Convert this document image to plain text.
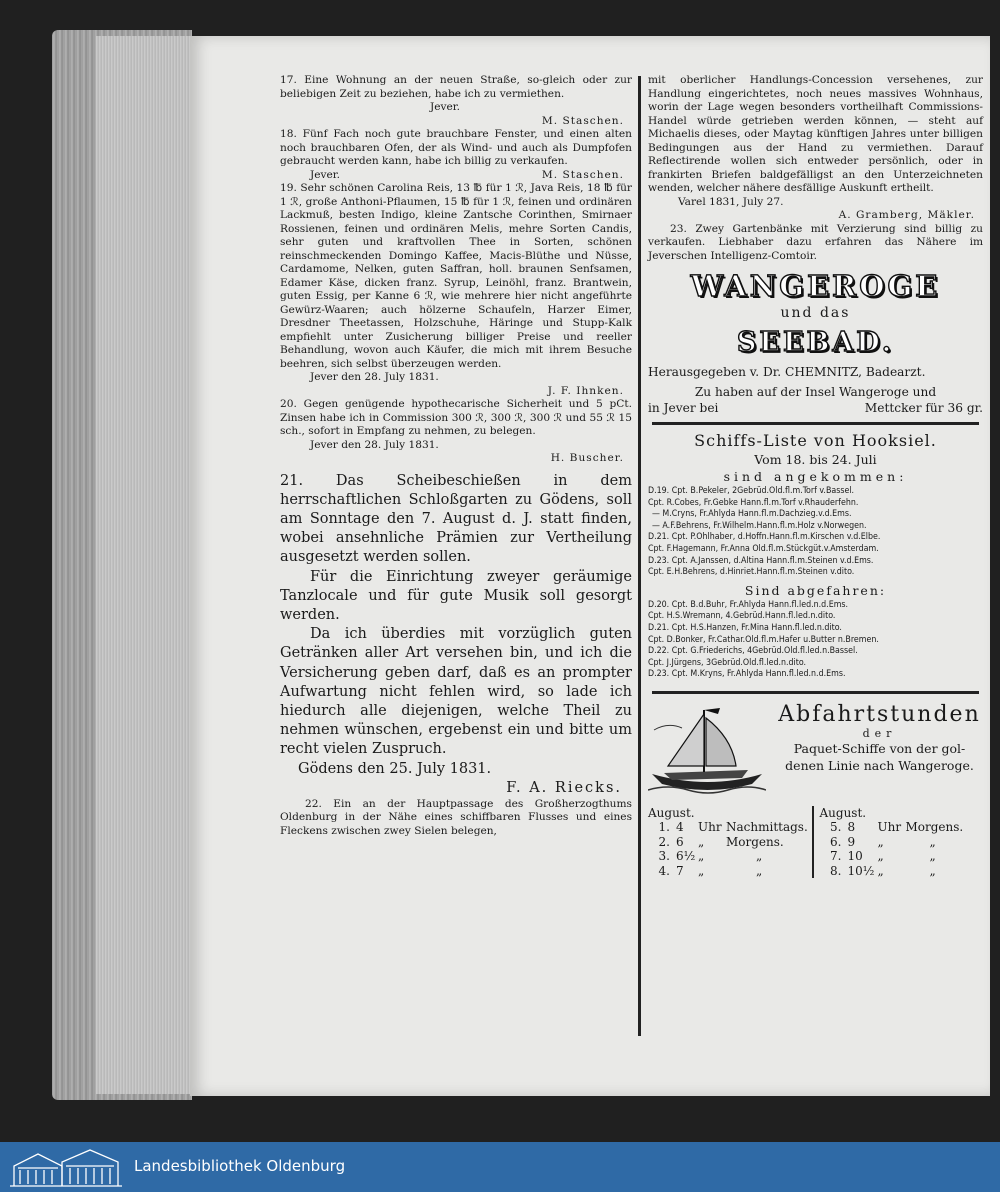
17. Eine Wohnung an der neuen Straße, so-gleich oder zur beliebigen Zeit zu beziehen, habe ich zu vermiethen.

Jever.

M. Staschen.

18. Fünf Fach noch gute brauchbare Fenster, und einen alten noch brauchbaren Ofen, der als Wind- und auch als Dumpfofen gebraucht werden kann, habe ich billig zu verkaufen.

Jever.	M. Staschen.

19. Sehr schönen Carolina Reis, 13 ℔ für 1 ℛ, Java Reis, 18 ℔ für 1 ℛ, große Anthoni-Pflaumen, 15 ℔ für 1 ℛ, feinen und ordinären Lackmuß, besten Indigo, kleine Zantsche Corinthen, Smirnaer Rossienen, feinen und ordinären Melis, mehre Sorten Candis, sehr guten und kraftvollen Thee in Sorten, schönen reinschmeckenden Domingo Kaffee, Macis-Blüthe und Nüsse, Cardamome, Nelken, guten Saffran, holl. braunen Senfsamen, Edamer Käse, dicken franz. Syrup, Leinöhl, franz. Brantwein, guten Essig, per Kanne 6 ℛ, wie mehrere hier nicht angeführte Gewürz-Waaren; auch hölzerne Schaufeln, Harzer Eimer, Dresdner Theetassen, Holzschuhe, Häringe und Stupp-Kalk empfiehlt unter Zusicherung billiger Preise und reeller Behandlung, wovon auch Käufer, die mich mit ihrem Besuche beehren, sich selbst überzeugen werden.

Jever den 28. July 1831.

J. F. Ihnken.

20. Gegen genügende hypothecarische Sicherheit und 5 pCt. Zinsen habe ich in Commission 300 ℛ, 300 ℛ, 300 ℛ und 55 ℛ 15 sch., sofort in Empfang zu nehmen, zu belegen.

Jever den 28. July 1831.

H. Buscher.

21. Das Scheibeschießen in dem herrschaftlichen Schloßgarten zu Gödens, soll am Sonntage den 7. August d. J. statt finden, wobei ansehnliche Prämien zur Vertheilung ausgesetzt werden sollen.

Für die Einrichtung zweyer geräumige Tanzlocale und für gute Musik soll gesorgt werden.

Da ich überdies mit vorzüglich guten Getränken aller Art versehen bin, und ich die Versicherung geben darf, daß es an prompter Aufwartung nicht fehlen wird, so lade ich hiedurch alle diejenigen, welche Theil zu nehmen wünschen, ergebenst ein und bitte um recht vielen Zuspruch.

Gödens den 25. July 1831.

F. A. Riecks.

22. Ein an der Hauptpassage des Großherzogthums Oldenburg in der Nähe eines schiffbaren Flusses und eines Fleckens zwischen zwey Sielen belegen,

mit oberlicher Handlungs-Concession versehenes, zur Handlung eingerichtetes, noch neues massives Wohnhaus, worin der Lage wegen besonders vortheilhaft Commissions-Handel würde getrieben werden können, — steht auf Michaelis dieses, oder Maytag künftigen Jahres unter billigen Bedingungen aus der Hand zu vermiethen. Darauf Reflectirende wollen sich entweder persönlich, oder in frankirten Briefen baldgefälligst an den Unterzeichneten wenden, welcher nähere desfällige Auskunft ertheilt.

Varel 1831, July 27.

A. Gramberg, Mäkler.

23. Zwey Gartenbänke mit Verzierung sind billig zu verkaufen. Liebhaber dazu erfahren das Nähere im Jeverschen Intelligenz-Comtoir.

WANGEROGE

und das

SEEBAD.

Herausgegeben v. Dr. CHEMNITZ, Badearzt.

Zu haben auf der Insel Wangeroge und

in Jever bei	Mettcker für 36 gr.

Schiffs-Liste von Hooksiel.

Vom 18. bis 24. Juli

sind angekommen:

D.19. Cpt. B.Pekeler, 2Gebrüd.Old.fl.m.Torf v.Bassel.

Cpt. R.Cobes, Fr.Gebke Hann.fl.m.Torf v.Rhauderfehn.

— M.Cryns, Fr.Ahlyda Hann.fl.m.Dachzieg.v.d.Ems.

— A.F.Behrens, Fr.Wilhelm.Hann.fl.m.Holz v.Norwegen.

D.21. Cpt. P.Ohlhaber, d.Hoffn.Hann.fl.m.Kirschen v.d.Elbe.

Cpt. F.Hagemann, Fr.Anna Old.fl.m.Stückgüt.v.Amsterdam.

D.23. Cpt. A.Janssen, d.Altina Hann.fl.m.Steinen v.d.Ems.

Cpt. E.H.Behrens, d.Hinriet.Hann.fl.m.Steinen v.dito.

Sind abgefahren:

D.20. Cpt. B.d.Buhr, Fr.Ahlyda Hann.fl.led.n.d.Ems.

Cpt. H.S.Wremann, 4.Gebrüd.Hann.fl.led.n.dito.

D.21. Cpt. H.S.Hanzen, Fr.Mina Hann.fl.led.n.dito.

Cpt. D.Bonker, Fr.Cathar.Old.fl.m.Hafer u.Butter n.Bremen.

D.22. Cpt. G.Friederichs, 4Gebrüd.Old.fl.led.n.Bassel.

Cpt. J.Jürgens, 3Gebrüd.Old.fl.led.n.dito.

D.23. Cpt. M.Kryns, Fr.Ahlyda Hann.fl.led.n.d.Ems.

Abfahrtstunden

der

Paquet-Schiffe von der gol-

denen Linie nach Wangeroge.

August.
1. 4	Uhr Nachmittags.
2. 6	„	Morgens.
3. 6½ „	„
4. 7	„	„
August.
5. 8	Uhr Morgens.
6. 9	„	„
7. 10	„	„
8. 10½ „	„
Landesbibliothek Oldenburg
